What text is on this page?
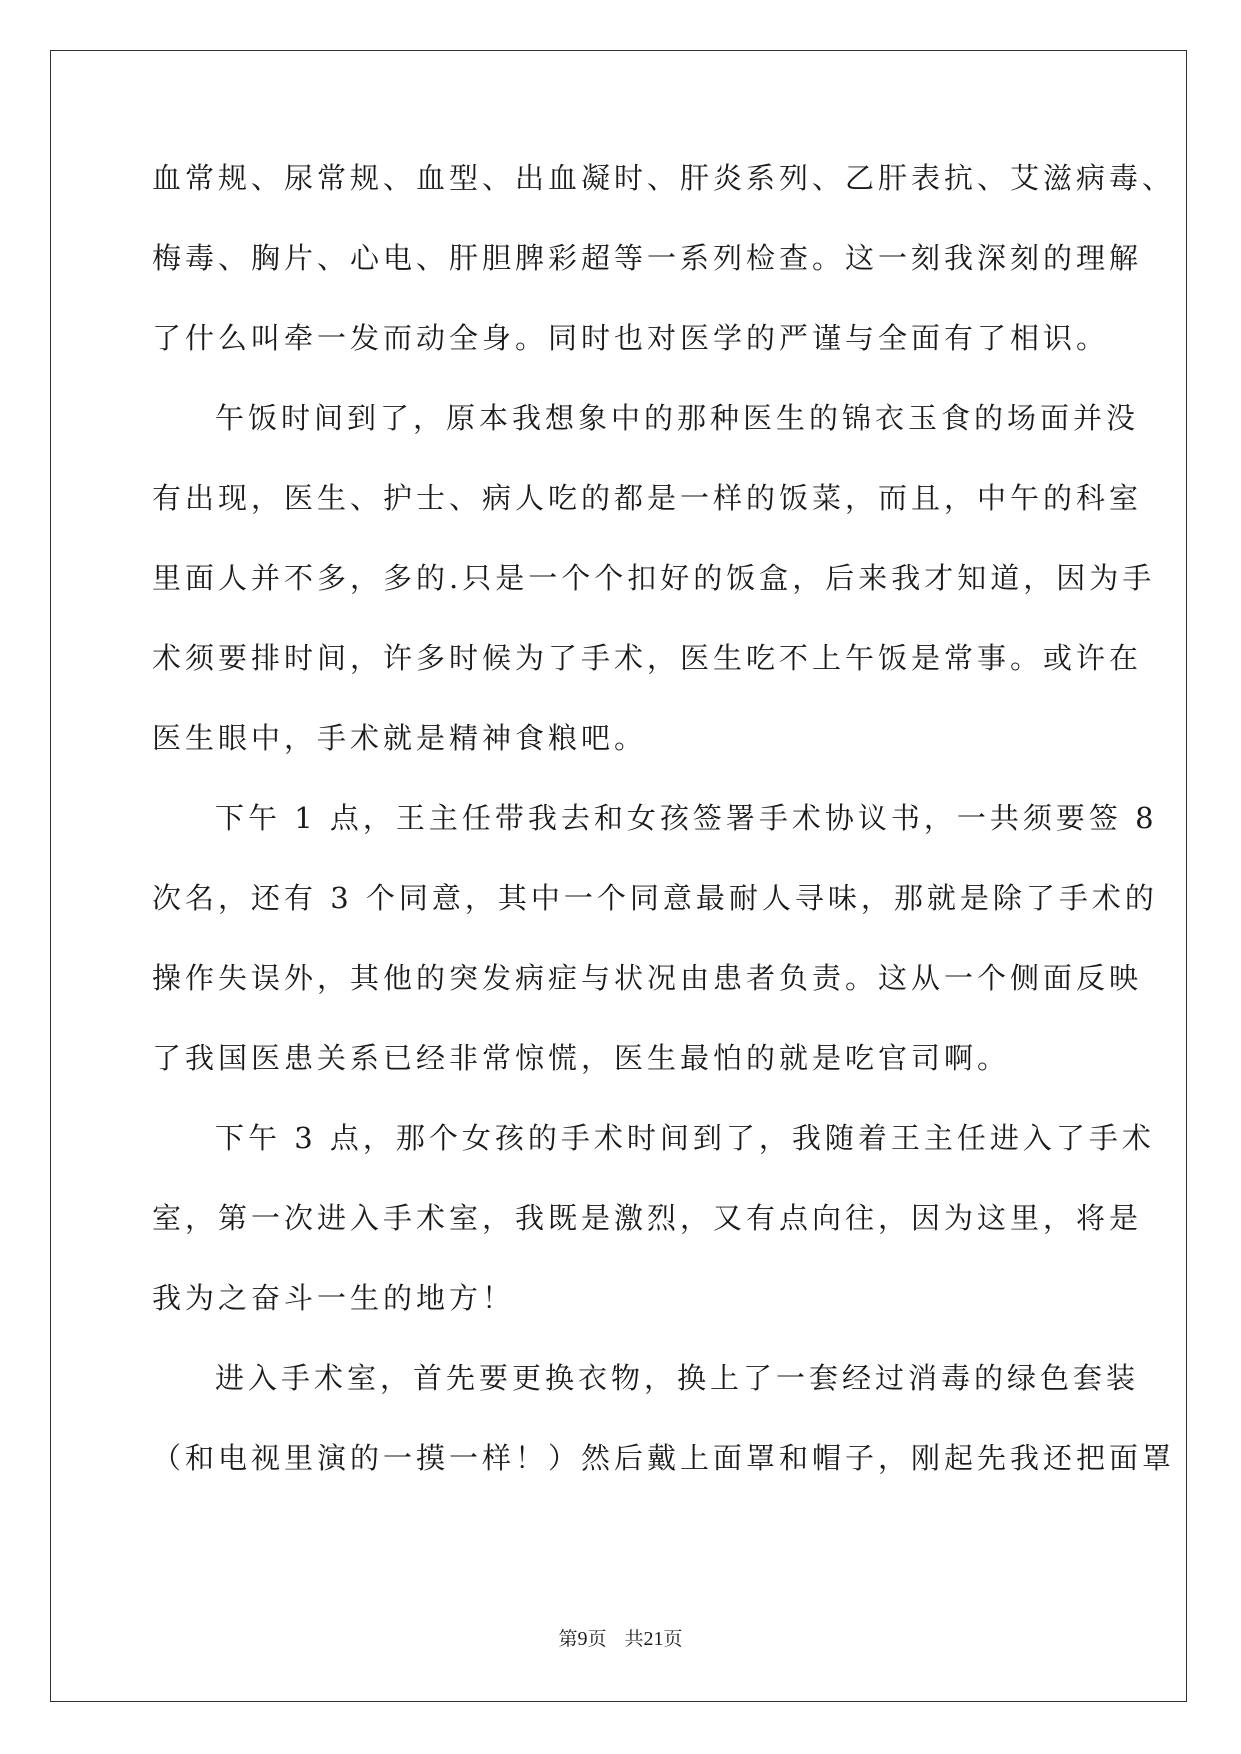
血常规、尿常规、血型、出血凝时、肝炎系列、乙肝表抗、艾滋病毒、
梅毒、胸片、心电、肝胆脾彩超等一系列检查。这一刻我深刻的理解
了什么叫牵一发而动全身。同时也对医学的严谨与全面有了相识。
午饭时间到了，原本我想象中的那种医生的锦衣玉食的场面并没
有出现，医生、护士、病人吃的都是一样的饭菜，而且，中午的科室
里面人并不多，多的.只是一个个扣好的饭盒，后来我才知道，因为手
术须要排时间，许多时候为了手术，医生吃不上午饭是常事。或许在
医生眼中，手术就是精神食粮吧。
下午 1 点，王主任带我去和女孩签署手术协议书，一共须要签 8
次名，还有 3 个同意，其中一个同意最耐人寻味，那就是除了手术的
操作失误外，其他的突发病症与状况由患者负责。这从一个侧面反映
了我国医患关系已经非常惊慌，医生最怕的就是吃官司啊。
下午 3 点，那个女孩的手术时间到了，我随着王主任进入了手术
室，第一次进入手术室，我既是激烈，又有点向往，因为这里，将是
我为之奋斗一生的地方！
进入手术室，首先要更换衣物，换上了一套经过消毒的绿色套装
（和电视里演的一摸一样！）然后戴上面罩和帽子，刚起先我还把面罩
第9页 共21页
